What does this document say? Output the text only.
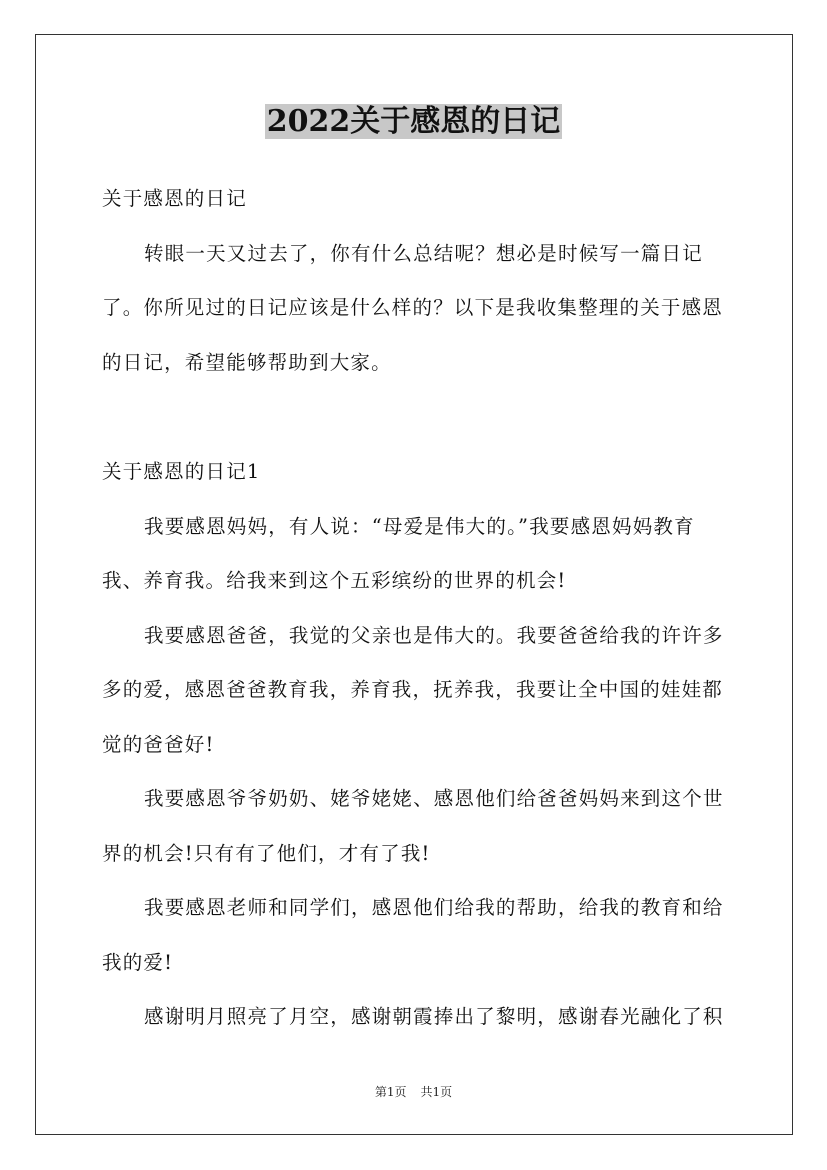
2022关于感恩的日记

关于感恩的日记

转眼一天又过去了，你有什么总结呢？想必是时候写一篇日记了。你所见过的日记应该是什么样的？以下是我收集整理的关于感恩的日记，希望能够帮助到大家。

关于感恩的日记1

我要感恩妈妈，有人说：“母爱是伟大的。”我要感恩妈妈教育我、养育我。给我来到这个五彩缤纷的世界的机会!

我要感恩爸爸，我觉的父亲也是伟大的。我要爸爸给我的许许多多的爱，感恩爸爸教育我，养育我，抚养我，我要让全中国的娃娃都觉的爸爸好!

我要感恩爷爷奶奶、姥爷姥姥、感恩他们给爸爸妈妈来到这个世界的机会!只有有了他们，才有了我!

我要感恩老师和同学们，感恩他们给我的帮助，给我的教育和给我的爱!

感谢明月照亮了月空，感谢朝霞捧出了黎明，感谢春光融化了积

第1页 共1页
